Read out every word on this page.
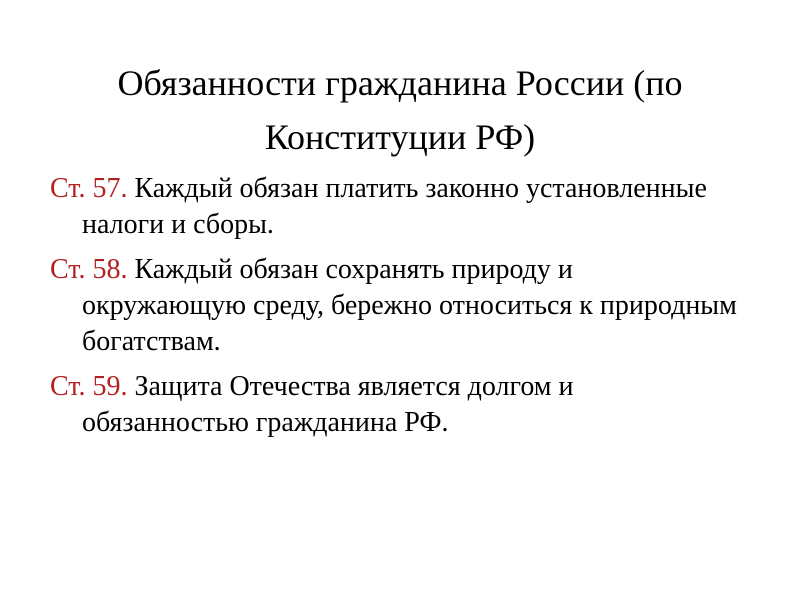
Обязанности гражданина России (по Конституции РФ)
Ст. 57. Каждый обязан платить законно установленные налоги и сборы.
Ст. 58. Каждый обязан сохранять природу и окружающую среду, бережно относиться к природным богатствам.
Ст. 59. Защита Отечества является долгом и обязанностью гражданина РФ.
